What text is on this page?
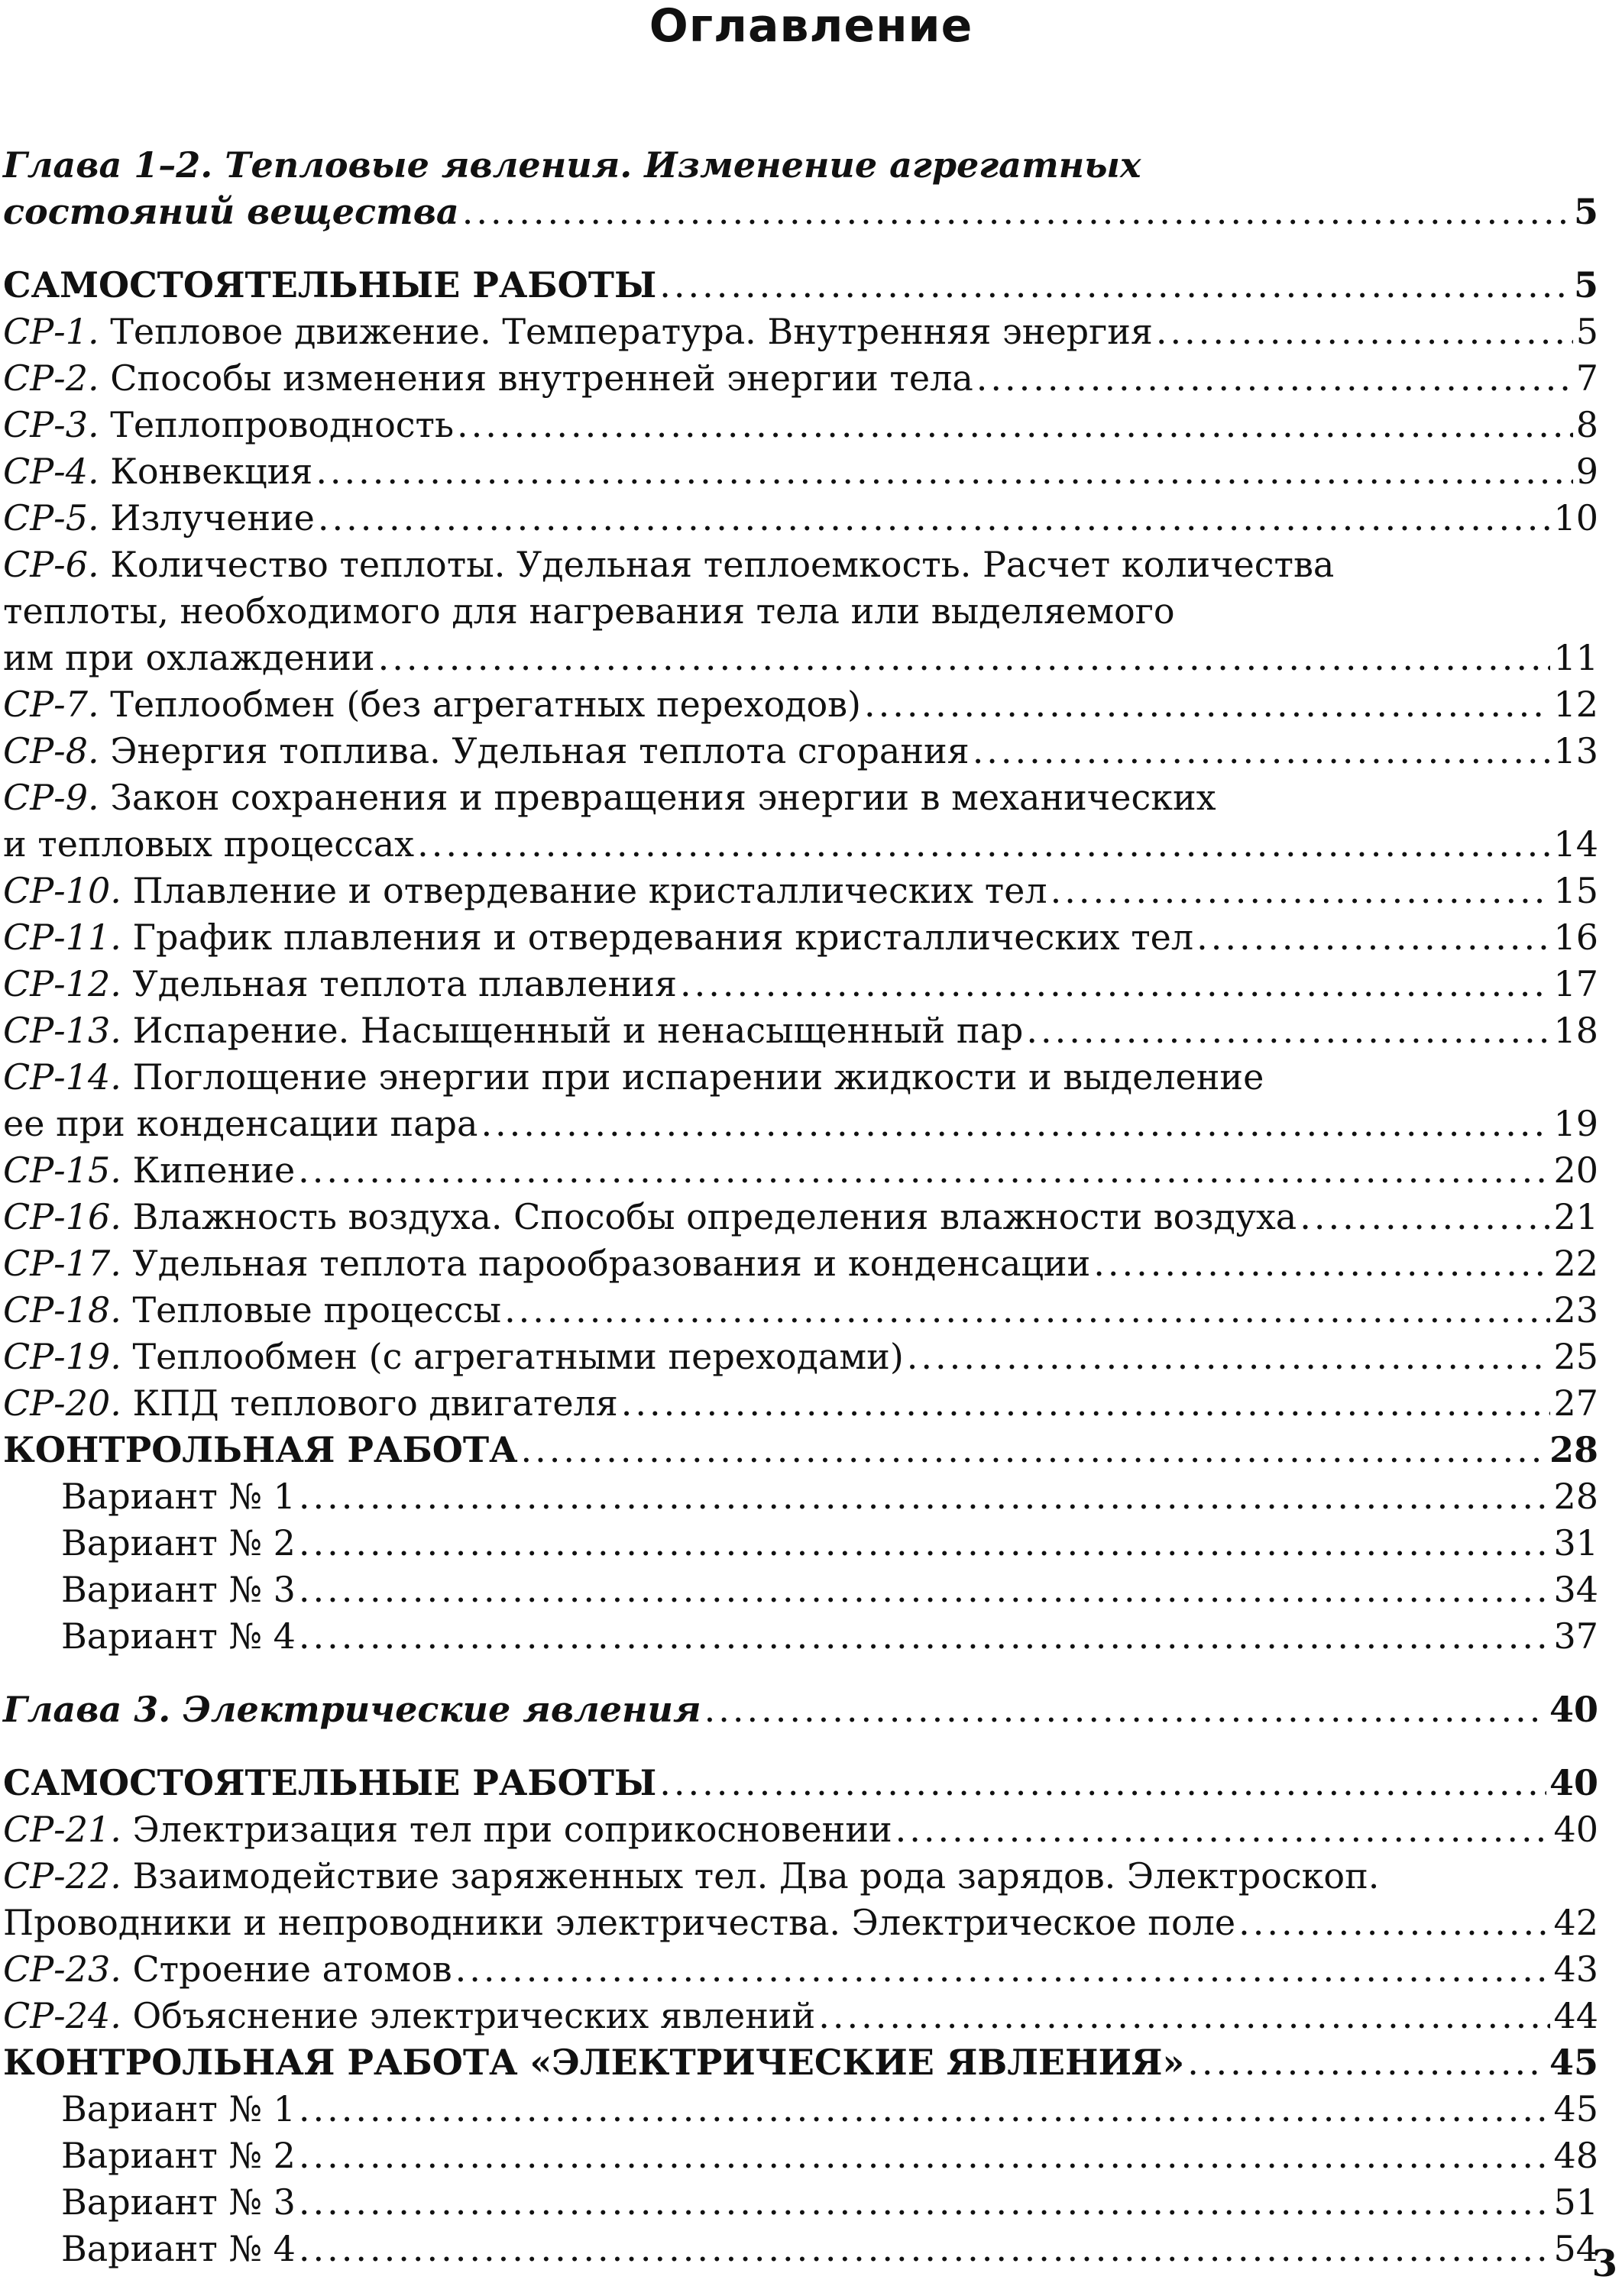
Оглавление
Глава 1–2. Тепловые явления. Изменение агрегатных
состояний вещества .....	5
САМОСТОЯТЕЛЬНЫЕ РАБОТЫ .....	5
СР-1. Тепловое движение. Температура. Внутренняя энергия .....	5
СР-2. Способы изменения внутренней энергии тела .....	7
СР-3. Теплопроводность .....	8
СР-4. Конвекция .....	9
СР-5. Излучение .....	10
СР-6. Количество теплоты. Удельная теплоемкость. Расчет количества
теплоты, необходимого для нагревания тела или выделяемого
им при охлаждении .....	11
СР-7. Теплообмен (без агрегатных переходов) .....	12
СР-8. Энергия топлива. Удельная теплота сгорания .....	13
СР-9. Закон сохранения и превращения энергии в механических
и тепловых процессах .....	14
СР-10. Плавление и отвердевание кристаллических тел .....	15
СР-11. График плавления и отвердевания кристаллических тел .....	16
СР-12. Удельная теплота плавления .....	17
СР-13. Испарение. Насыщенный и ненасыщенный пар .....	18
СР-14. Поглощение энергии при испарении жидкости и выделение
ее при конденсации пара .....	19
СР-15. Кипение .....	20
СР-16. Влажность воздуха. Способы определения влажности воздуха .....	21
СР-17. Удельная теплота парообразования и конденсации .....	22
СР-18. Тепловые процессы .....	23
СР-19. Теплообмен (с агрегатными переходами) .....	25
СР-20. КПД теплового двигателя .....	27
КОНТРОЛЬНАЯ РАБОТА .....	28
Вариант № 1 .....	28
Вариант № 2 .....	31
Вариант № 3 .....	34
Вариант № 4 .....	37
Глава 3. Электрические явления .....	40
САМОСТОЯТЕЛЬНЫЕ РАБОТЫ .....	40
СР-21. Электризация тел при соприкосновении .....	40
СР-22. Взаимодействие заряженных тел. Два рода зарядов. Электроскоп.
Проводники и непроводники электричества. Электрическое поле .....	42
СР-23. Строение атомов .....	43
СР-24. Объяснение электрических явлений .....	44
КОНТРОЛЬНАЯ РАБОТА «ЭЛЕКТРИЧЕСКИЕ ЯВЛЕНИЯ» .....	45
Вариант № 1 .....	45
Вариант № 2 .....	48
Вариант № 3 .....	51
Вариант № 4 .....	54
3
